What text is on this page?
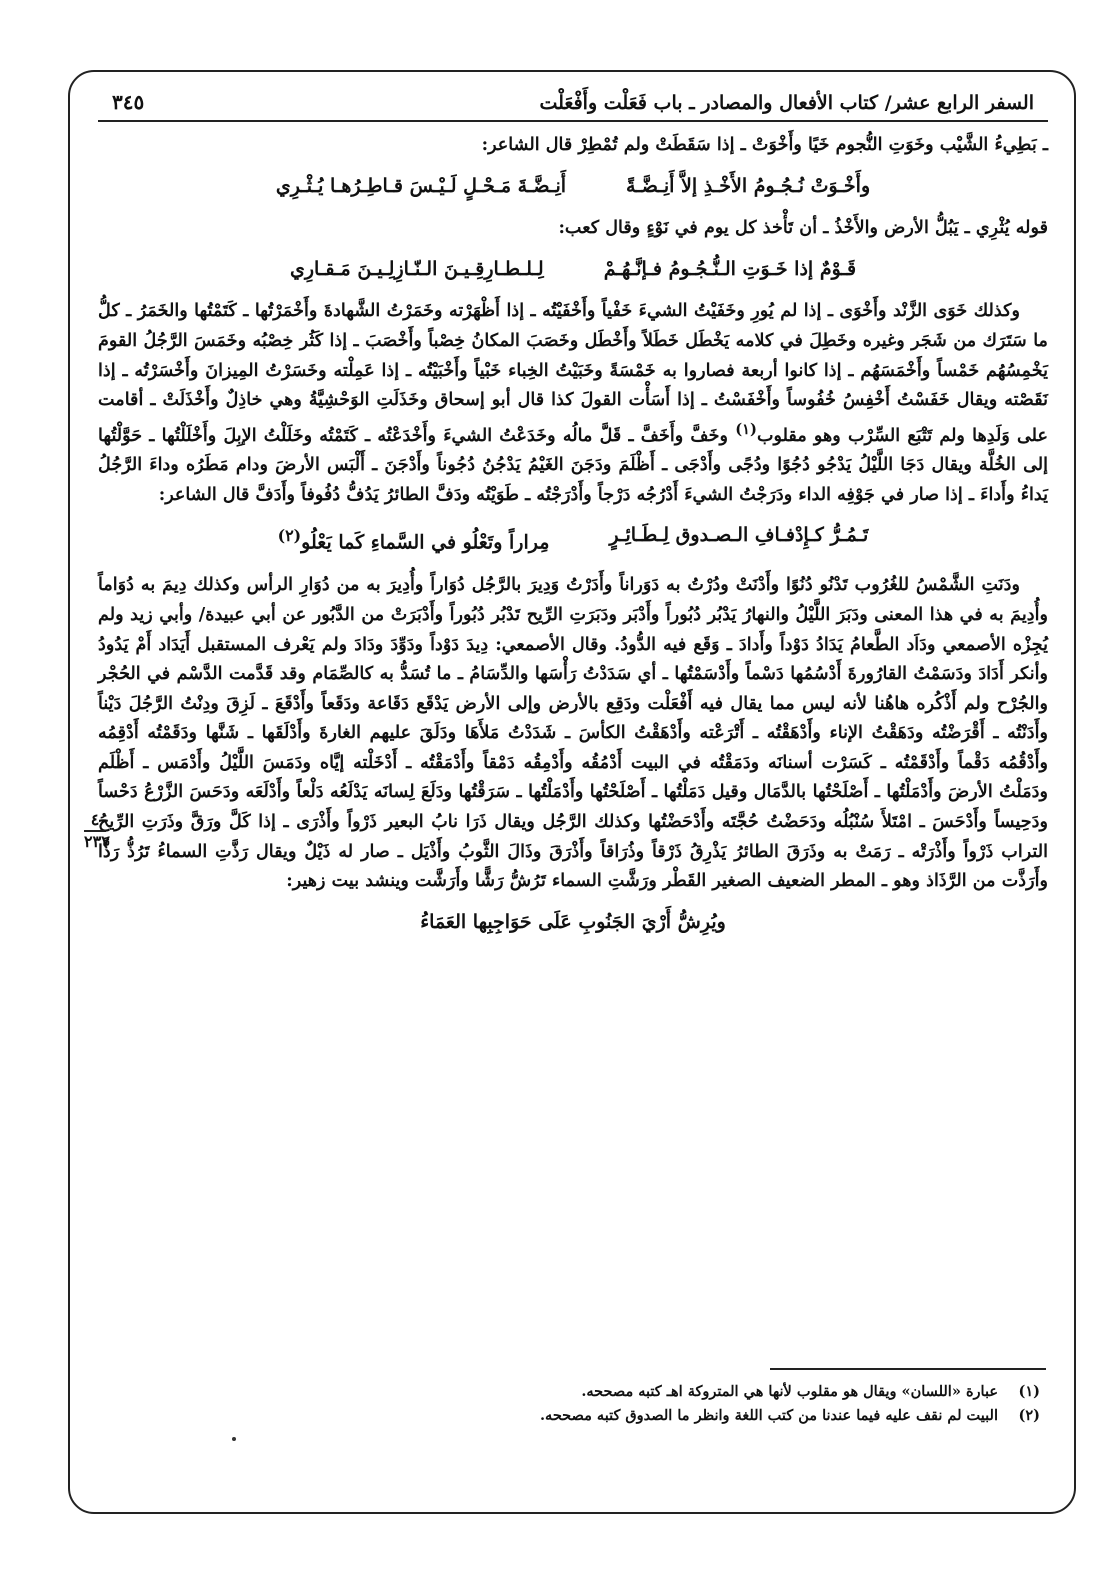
السفر الرابع عشر/ كتاب الأفعال والمصادر ـ باب فَعَلْت وأَفْعَلْت
٣٤٥

ـ بَطِيءُ الشَّيْب وخَوَتِ النُّجوم خَيًا وأَخْوَتْ ـ إذا سَقَطَتْ ولم تُمْطِرْ قال الشاعر:

وأَخْـوَتْ نُـجُـومُ الأَخْـذِ إلاَّ أَنِـضَّـةً
أَنِـضَّـةَ مَـحْـلٍ لَـيْـسَ قـاطِـرُهـا يُـثْـرِي

قوله يُثْرِي ـ يَبُلُّ الأرض والأَخْذُ ـ أن تَأْخذ كل يوم في نَوْءٍ وقال كعب:

قَـوْمٌ إذا خَـوَتِ الـنُّـجُـومُ فـإنَّـهُـمْ
لِـلـطـارِقِـيـنَ الـنّـازِلِـيـنَ مَـقـارِي

وكذلك خَوَى الزَّنْد وأَخْوَى ـ إذا لم يُورِ وخَفَيْتُ الشيءَ خَفْياً وأَخْفَيْتُه ـ إذا أَظْهَرْته وخَمَرْتُ الشَّهادةَ وأَخْمَرْتُها ـ كَتَمْتُها والخَمَرُ ـ كلُّ ما سَتَرَك من شَجَر وغيره وخَطِلَ في كلامه يَخْطَل خَطَلاً وأَخْطَل وخَصَبَ المكانُ خِصْباً وأَخْصَبَ ـ إذا كَثُر خِصْبُه وخَمَسَ الرَّجُلُ القومَ يَخْمِسُهُم خَمْساً وأَخْمَسَهُم ـ إذا كانوا أربعة فصاروا به خَمْسَةً وخَبَيْتُ الخِباء خَبْياً وأَخْبَيْتُه ـ إذا عَمِلْته وخَسَرْتُ المِيزانَ وأَخْسَرْتُه ـ إذا نَقَصْته ويقال خَفَسْتُ أَخْفِسُ خُفُوساً وأَخْفَسْتُ ـ إذا أَسَأْت القولَ كذا قال أبو إسحاق وخَذَلَتِ الوَحْشِيَّةُ وهي خاذِلٌ وأَخْذَلَتْ ـ أقامت على وَلَدِها ولم تَتْبَع السِّرْب وهو مقلوب$^{(١)}$ وخَفَّ وأَخَفَّ ـ قَلَّ مالُه وخَدَعْتُ الشيءَ وأَخْدَعْتُه ـ كَتَمْتُه وخَلَلْتُ الإبِلَ وأَخْلَلْتُها ـ حَوَّلْتُها إلى الخُلَّة ويقال دَجَا اللَّيْلُ يَدْجُو دُجُوًا ودُجًى وأَدْجَى ـ أَظْلَمَ ودَجَنَ الغَيْمُ يَدْجُنُ دُجُوناً وأَدْجَنَ ـ أَلْبَس الأرضَ ودام مَطَرُه وداءَ الرَّجُلُ يَداءُ وأَداءَ ـ إذا صار في جَوْفِه الداء ودَرَجْتُ الشيءَ أَدْرُجُه دَرْجاً وأَدْرَجْتُه ـ طَوَيْتُه ودَفَّ الطائرُ يَدُفُّ دُفُوفاً وأَدَفَّ قال الشاعر:

تَـمُـرُّ كـإِدْفـافِ الـصـدوق لِـطَـائِـرٍ
مِراراً وتَعْلُو في السَّماءِ كَما يَعْلُو$^{(٢)}$

ودَنَتِ الشَّمْسُ للغُرُوب تَدْنُو دُنُوًا وأَدْنَتْ ودُرْتُ به دَوَراناً وأَدَرْتُ وَدِيرَ بالرَّجُل دُوَاراً وأُدِيرَ به من دُوَارِ الرأس وكذلك دِيمَ به دُوَاماً وأُدِيمَ به في هذا المعنى ودَبَرَ اللَّيْلُ والنهارُ يَدْبُر دُبُوراً وأَدْبَر ودَبَرَتِ الرِّيح تَدْبُر دُبُوراً وأَدْبَرَتْ من الدَّبُور عن أبي عبيدة/ وأبي زيد ولم يُجِزْه الأصمعي ودَاَد الطَّعامُ يَدَادُ دَوْداً وأَدادَ ـ وَقَع فيه الدُّودُ. وقال الأصمعي: دِيدَ دَوْداً ودَوِّدَ ودَادَ ولم يَعْرف المستقبل أَيَدَاد أَمْ يَدُودُ وأنكر أَدَادَ ودَسَمْتُ القارُورةَ أَدْسُمُها دَسْماً وأَدْسَمْتُها ـ أي سَدَدْتُ رَأْسَها والدِّسَامُ ـ ما تُسَدُّ به كالصِّمَام وقد قَدَّمت الدَّسْم في الحُجْر والجُرْح ولم أَذْكُره هاهُنا لأنه ليس مما يقال فيه أَفْعَلْت ودَقِع بالأرض وإلى الأرض يَدْقَع دَقَاعة ودَقَعاً وأَدْقَعَ ـ لَزِقَ ودِنْتُ الرَّجُلَ دَيْناً وأَدَنْتُه ـ أَقْرَضْتُه ودَهَقْتُ الإناء وأَدْهَقْتُه ـ أَتْرَعْته وأَدْهَقْتُ الكأسَ ـ شَدَدْتُ مَلأَهَا ودَلَقَ عليهم الغارةَ وأَدْلَقَها ـ شَنَّها ودَقَمْتُه أَدْقِمُه وأَدْقُمُه دَقْماً وأَدْقَمْتُه ـ كَسَرْت أسنانَه ودَمَقْتُه في البيت أَدْمُقُه وأَدْمِقُه دَمْقاً وأَدْمَقْتُه ـ أَدْخَلْته إيَّاه ودَمَسَ اللَّيْلُ وأَدْمَس ـ أَظْلَم ودَمَلْتُ الأرضَ وأَدْمَلْتُها ـ أَصْلَحْتُها بالدَّمَال وقيل دَمَلْتُها ـ أَصْلَحْتُها وأَدْمَلْتُها ـ سَرَقْتُها ودَلَعَ لِسانَه يَدْلَعُه دَلْعاً وأَدْلَعَه ودَحَسَ الزَّرْعُ دَحْساً ودَحِيساً وأَدْحَسَ ـ امْتَلأَ سُنْبُلُه ودَحَضْتُ حُجَّتَه وأَدْحَضْتُها وكذلك الرَّجُل ويقال ذَرَا نابُ البعير ذَرْواً وأَذْرَى ـ إذا كَلَّ ورَقَّ وذَرَتِ الرِّيحُ التراب ذَرْواً وأَذْرَتْه ـ رَمَتْ به وذَرَقَ الطائرُ يَذْرِقُ ذَرْقاً وذُرَاقاً وأَذْرَقَ وذَالَ الثَّوبُ وأَذْيَل ـ صار له ذَيْلٌ ويقال رَذَّتِ السماءُ تَرُذُّ رَذًّا وأَرَذَّت من الرَّذَاذ وهو ـ المطر الضعيف الصغير القَطْر ورَشَّتِ السماء تَرُشُّ رَشًّا وأَرَشَّت وينشد بيت زهير:

ويُرِشُّ أَرْيَ الجَنُوبِ عَلَى حَوَاجِبِها العَمَاءُ
٤
٢٣٧
(١)
عبارة «اللسان» ويقال هو مقلوب لأنها هي المتروكة اهـ كتبه مصححه.
(٢)
البيت لم نقف عليه فيما عندنا من كتب اللغة وانظر ما الصدوق كتبه مصححه.
